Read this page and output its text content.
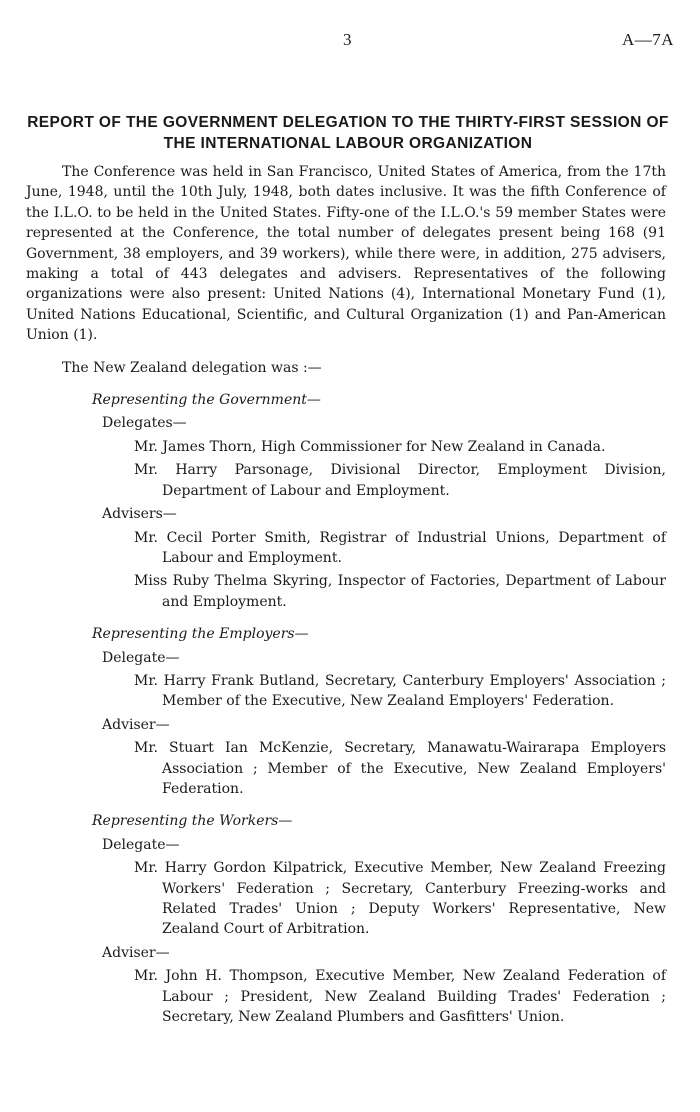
3	A—7A
REPORT OF THE GOVERNMENT DELEGATION TO THE THIRTY-FIRST SESSION OF THE INTERNATIONAL LABOUR ORGANIZATION

The Conference was held in San Francisco, United States of America, from the 17th June, 1948, until the 10th July, 1948, both dates inclusive. It was the fifth Conference of the I.L.O. to be held in the United States. Fifty-one of the I.L.O.'s 59 member States were represented at the Conference, the total number of delegates present being 168 (91 Government, 38 employers, and 39 workers), while there were, in addition, 275 advisers, making a total of 443 delegates and advisers. Representatives of the following organizations were also present: United Nations (4), International Monetary Fund (1), United Nations Educational, Scientific, and Cultural Organization (1) and Pan-American Union (1).

The New Zealand delegation was :—

Representing the Government—

Delegates—

Mr. James Thorn, High Commissioner for New Zealand in Canada.

Mr. Harry Parsonage, Divisional Director, Employment Division, Department of Labour and Employment.

Advisers—

Mr. Cecil Porter Smith, Registrar of Industrial Unions, Department of Labour and Employment.

Miss Ruby Thelma Skyring, Inspector of Factories, Department of Labour and Employment.

Representing the Employers—

Delegate—

Mr. Harry Frank Butland, Secretary, Canterbury Employers' Association ; Member of the Executive, New Zealand Employers' Federation.

Adviser—

Mr. Stuart Ian McKenzie, Secretary, Manawatu-Wairarapa Employers Association ; Member of the Executive, New Zealand Employers' Federation.

Representing the Workers—

Delegate—

Mr. Harry Gordon Kilpatrick, Executive Member, New Zealand Freezing Workers' Federation ; Secretary, Canterbury Freezing-works and Related Trades' Union ; Deputy Workers' Representative, New Zealand Court of Arbitration.

Adviser—

Mr. John H. Thompson, Executive Member, New Zealand Federation of Labour ; President, New Zealand Building Trades' Federation ; Secretary, New Zealand Plumbers and Gasfitters' Union.
